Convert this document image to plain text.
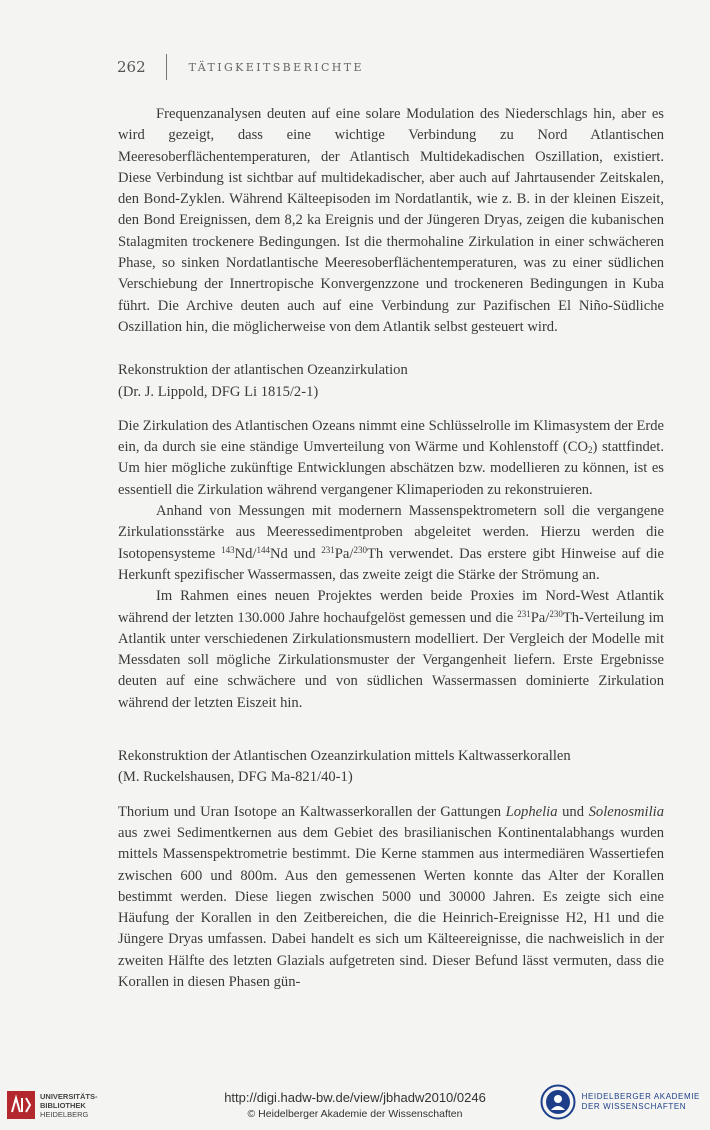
262	TÄTIGKEITSBERICHTE

Frequenzanalysen deuten auf eine solare Modulation des Niederschlags hin, aber es wird gezeigt, dass eine wichtige Verbindung zu Nord Atlantischen Meeresoberflächentemperaturen, der Atlantisch Multidekadischen Oszillation, existiert. Diese Verbindung ist sichtbar auf multidekadischer, aber auch auf Jahrtausender Zeitskalen, den Bond-Zyklen. Während Kälteepisoden im Nordatlantik, wie z. B. in der kleinen Eiszeit, den Bond Ereignissen, dem 8,2 ka Ereignis und der Jüngeren Dryas, zeigen die kubanischen Stalagmiten trockenere Bedingungen. Ist die thermohaline Zirkulation in einer schwächeren Phase, so sinken Nordatlantische Meeresoberflächentemperaturen, was zu einer südlichen Verschiebung der Innertropische Konvergenzzone und trockeneren Bedingungen in Kuba führt. Die Archive deuten auch auf eine Verbindung zur Pazifischen El Niño-Südliche Oszillation hin, die möglicherweise von dem Atlantik selbst gesteuert wird.

Rekonstruktion der atlantischen Ozeanzirkulation
(Dr. J. Lippold, DFG Li 1815/2-1)

Die Zirkulation des Atlantischen Ozeans nimmt eine Schlüsselrolle im Klimasystem der Erde ein, da durch sie eine ständige Umverteilung von Wärme und Kohlenstoff $(CO_2)$ stattfindet. Um hier mögliche zukünftige Entwicklungen abschätzen bzw. modellieren zu können, ist es essentiell die Zirkulation während vergangener Klimaperioden zu rekonstruieren.

Anhand von Messungen mit modernern Massenspektrometern soll die vergangene Zirkulationsstärke aus Meeressedimentproben abgeleitet werden. Hierzu werden die Isotopensysteme $^{143}$Nd/$^{144}$Nd und $^{231}$Pa/$^{230}$Th verwendet. Das erstere gibt Hinweise auf die Herkunft spezifischer Wassermassen, das zweite zeigt die Stärke der Strömung an.

Im Rahmen eines neuen Projektes werden beide Proxies im Nord-West Atlantik während der letzten 130.000 Jahre hochaufgelöst gemessen und die $^{231}$Pa/$^{230}$Th-Verteilung im Atlantik unter verschiedenen Zirkulationsmustern modelliert. Der Vergleich der Modelle mit Messdaten soll mögliche Zirkulationsmuster der Vergangenheit liefern. Erste Ergebnisse deuten auf eine schwächere und von südlichen Wassermassen dominierte Zirkulation während der letzten Eiszeit hin.

Rekonstruktion der Atlantischen Ozeanzirkulation mittels Kaltwasserkorallen
(M. Ruckelshausen, DFG Ma-821/40-1)

Thorium und Uran Isotope an Kaltwasserkorallen der Gattungen Lophelia und Solenosmilia aus zwei Sedimentkernen aus dem Gebiet des brasilianischen Kontinentalabhangs wurden mittels Massenspektrometrie bestimmt. Die Kerne stammen aus intermediären Wassertiefen zwischen 600 und 800m. Aus den gemessenen Werten konnte das Alter der Korallen bestimmt werden. Diese liegen zwischen 5000 und 30000 Jahren. Es zeigte sich eine Häufung der Korallen in den Zeitbereichen, die die Heinrich-Ereignisse H2, H1 und die Jüngere Dryas umfassen. Dabei handelt es sich um Kälteereignisse, die nachweislich in der zweiten Hälfte des letzten Glazials aufgetreten sind. Dieser Befund lässt vermuten, dass die Korallen in diesen Phasen gün-

UNIVERSITÄTS-
BIBLIOTHEK
HEIDELBERG
http://digi.hadw-bw.de/view/jbhadw2010/0246
© Heidelberger Akademie der Wissenschaften
HEIDELBERGER AKADEMIE
DER WISSENSCHAFTEN
